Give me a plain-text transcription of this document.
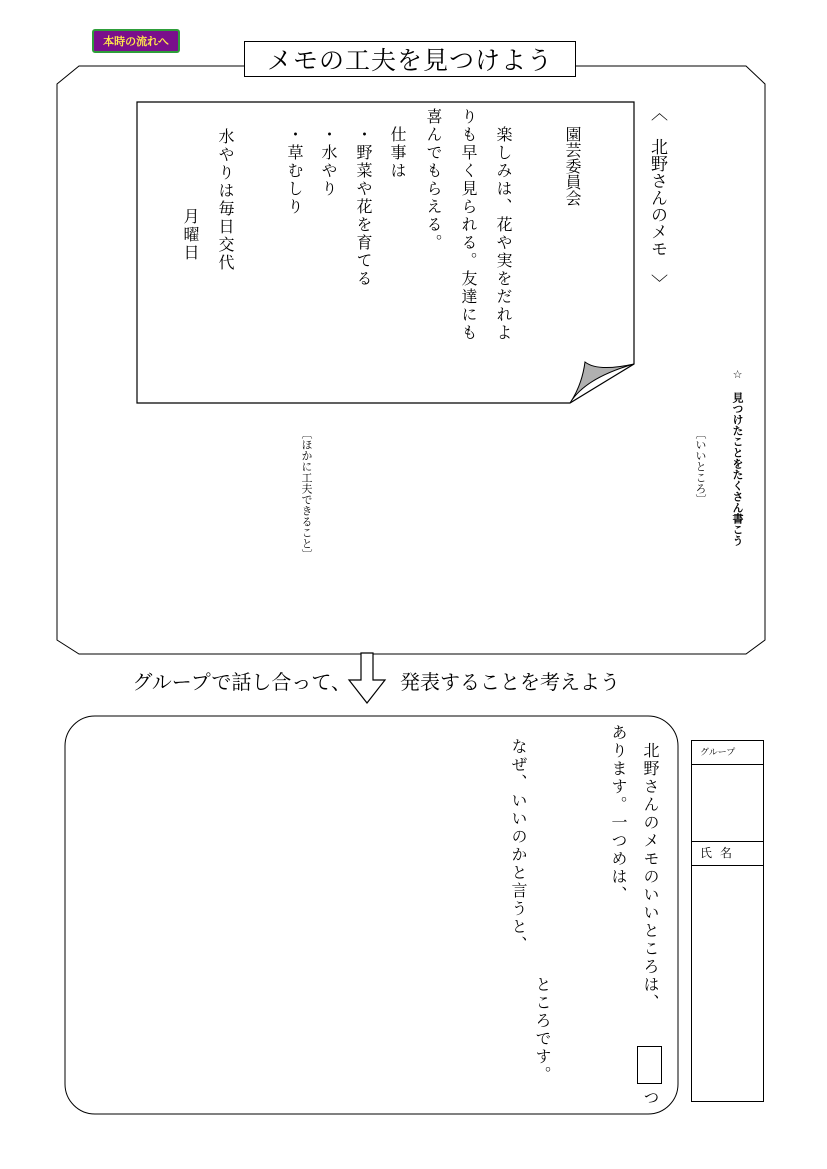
本時の流れへ
メモの工夫を見つけよう
〈　北野さんのメモ　〉
園芸委員会
楽しみは、花や実をだれよ
りも早く見られる。友達にも
喜んでもらえる。
仕事は
・野菜や花を育てる
・水やり
・草むしり
水やりは毎日交代
月曜日
〔いいところ〕
〔ほかに工夫できること〕	☆　見つけたことをたくさん書こう
グループで話し合って、 発表することを考えよう
北野さんのメモのいいところは、
つ
あります。一つめは、
ところです。
なぜ、いいのかと言うと、	グループ
氏名
